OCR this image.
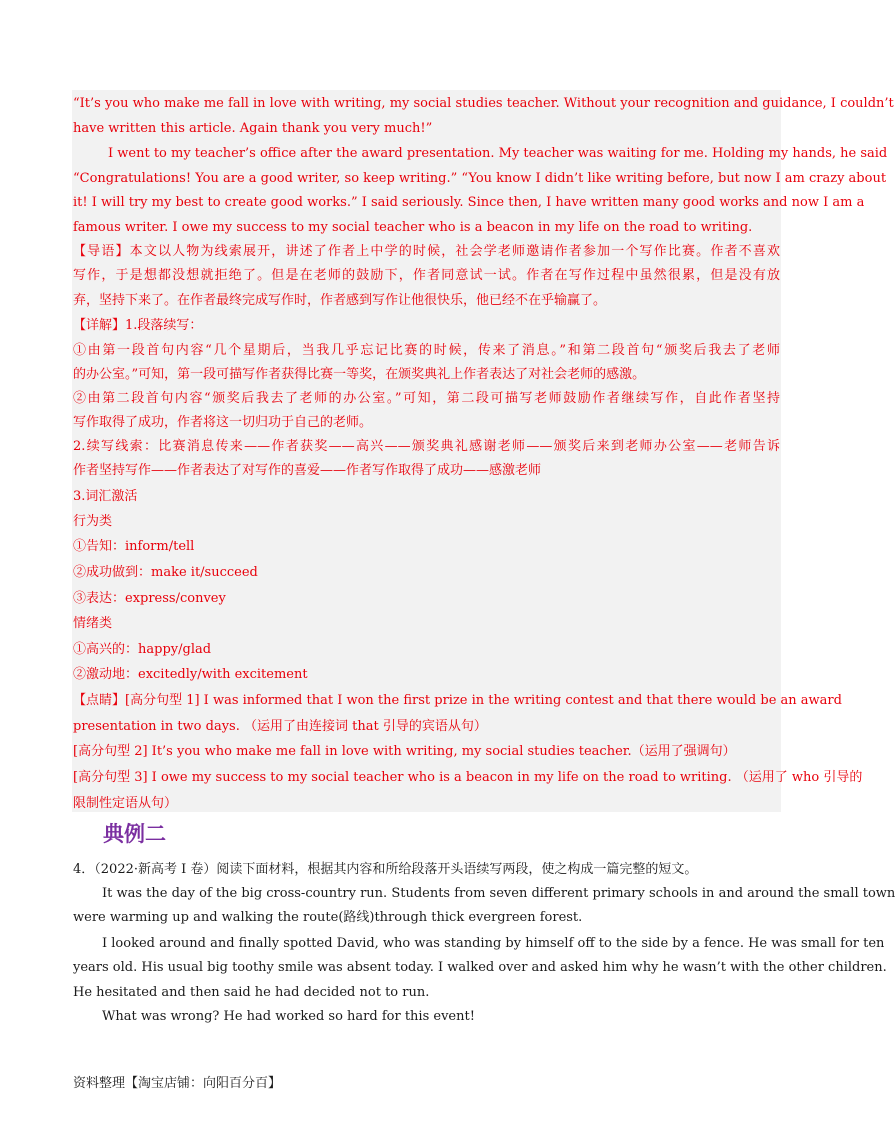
“It’s you who make me fall in love with writing, my social studies teacher. Without your recognition and guidance, I couldn’t
have written this article. Again thank you very much!”
I went to my teacher’s office after the award presentation. My teacher was waiting for me. Holding my hands, he said
“Congratulations! You are a good writer, so keep writing.” “You know I didn’t like writing before, but now I am crazy about
it! I will try my best to create good works.” I said seriously. Since then, I have written many good works and now I am a
famous writer. I owe my success to my social teacher who is a beacon in my life on the road to writing.
【导语】本文以人物为线索展开，讲述了作者上中学的时候，社会学老师邀请作者参加一个写作比赛。作者不喜欢
写作，于是想都没想就拒绝了。但是在老师的鼓励下，作者同意试一试。作者在写作过程中虽然很累，但是没有放
弃，坚持下来了。在作者最终完成写作时，作者感到写作让他很快乐，他已经不在乎输赢了。
【详解】1.段落续写：
①由第一段首句内容“几个星期后，当我几乎忘记比赛的时候，传来了消息。”和第二段首句“颁奖后我去了老师
的办公室。”可知，第一段可描写作者获得比赛一等奖，在颁奖典礼上作者表达了对社会老师的感激。
②由第二段首句内容“颁奖后我去了老师的办公室。”可知，第二段可描写老师鼓励作者继续写作，自此作者坚持
写作取得了成功，作者将这一切归功于自己的老师。
2.续写线索：比赛消息传来——作者获奖——高兴——颁奖典礼感谢老师——颁奖后来到老师办公室——老师告诉
作者坚持写作——作者表达了对写作的喜爱——作者写作取得了成功——感激老师
3.词汇激活
行为类
①告知：inform/tell
②成功做到：make it/succeed
③表达：express/convey
情绪类
①高兴的：happy/glad
②激动地：excitedly/with excitement
【点睛】[高分句型 1] I was informed that I won the first prize in the writing contest and that there would be an award
presentation in two days. （运用了由连接词 that 引导的宾语从句）
[高分句型 2] It’s you who make me fall in love with writing, my social studies teacher.（运用了强调句）
[高分句型 3] I owe my success to my social teacher who is a beacon in my life on the road to writing. （运用了 who 引导的
限制性定语从句）
典例二
4．（2022·新高考 I 卷）阅读下面材料，根据其内容和所给段落开头语续写两段，使之构成一篇完整的短文。
It was the day of the big cross-country run. Students from seven different primary schools in and around the small town
were warming up and walking the route(路线)through thick evergreen forest.
I looked around and finally spotted David, who was standing by himself off to the side by a fence. He was small for ten
years old. His usual big toothy smile was absent today. I walked over and asked him why he wasn’t with the other children.
He hesitated and then said he had decided not to run.
What was wrong? He had worked so hard for this event!
资料整理【淘宝店铺：向阳百分百】
